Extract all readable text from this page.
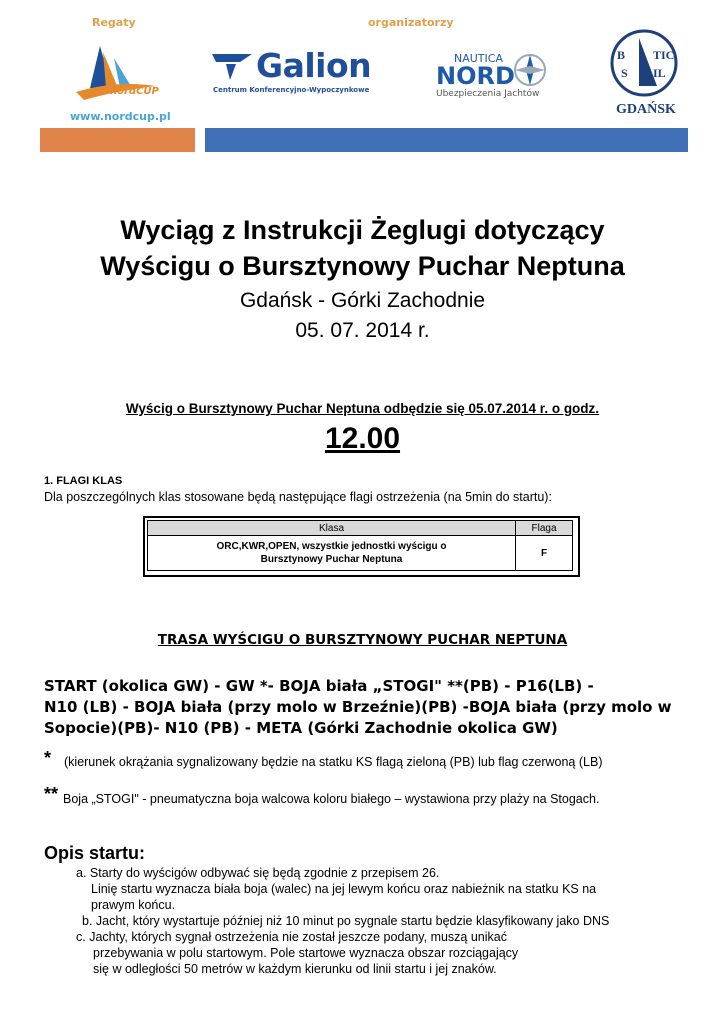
Regaty	organizatorzy
nordCUP
www.nordcup.pl
Galion
Centrum Konferencyjno-Wypoczynkowe
NAUTICA
NORD
Ubezpieczenia Jachtów
B TIC
S IL
GDAŃSK
Wyciąg z Instrukcji Żeglugi dotyczący
Wyścigu o Bursztynowy Puchar Neptuna
Gdańsk - Górki Zachodnie
05. 07. 2014 r.
Wyścig o Bursztynowy Puchar Neptuna odbędzie się 05.07.2014 r. o godz.
12.00
1. FLAGI KLAS
Dla poszczególnych klas stosowane będą następujące flagi ostrzeżenia (na 5min do startu):
Klasa	Flaga

ORC,KWR,OPEN, wszystkie jednostki wyścigu o
Bursztynowy Puchar Neptuna	F
TRASA WYŚCIGU O BURSZTYNOWY PUCHAR NEPTUNA
START (okolica GW) - GW *- BOJA biała „STOGI" **(PB) - P16(LB) -
N10 (LB) - BOJA biała (przy molo w Brzeźnie)(PB) -BOJA biała (przy molo w
Sopocie)(PB)- N10 (PB) - META (Górki Zachodnie okolica GW)
* (kierunek okrążania sygnalizowany będzie na statku KS flagą zieloną (PB) lub flag czerwoną (LB)
** Boja „STOGI" - pneumatyczna boja walcowa koloru białego – wystawiona przy plaży na Stogach.
Opis startu:
a. Starty do wyścigów odbywać się będą zgodnie z przepisem 26.
Linię startu wyznacza biała boja (walec) na jej lewym końcu oraz nabieżnik na statku KS na
prawym końcu.
b. Jacht, który wystartuje później niż 10 minut po sygnale startu będzie klasyfikowany jako DNS
c. Jachty, których sygnał ostrzeżenia nie został jeszcze podany, muszą unikać
przebywania w polu startowym. Pole startowe wyznacza obszar rozciągający
się w odległości 50 metrów w każdym kierunku od linii startu i jej znaków.
